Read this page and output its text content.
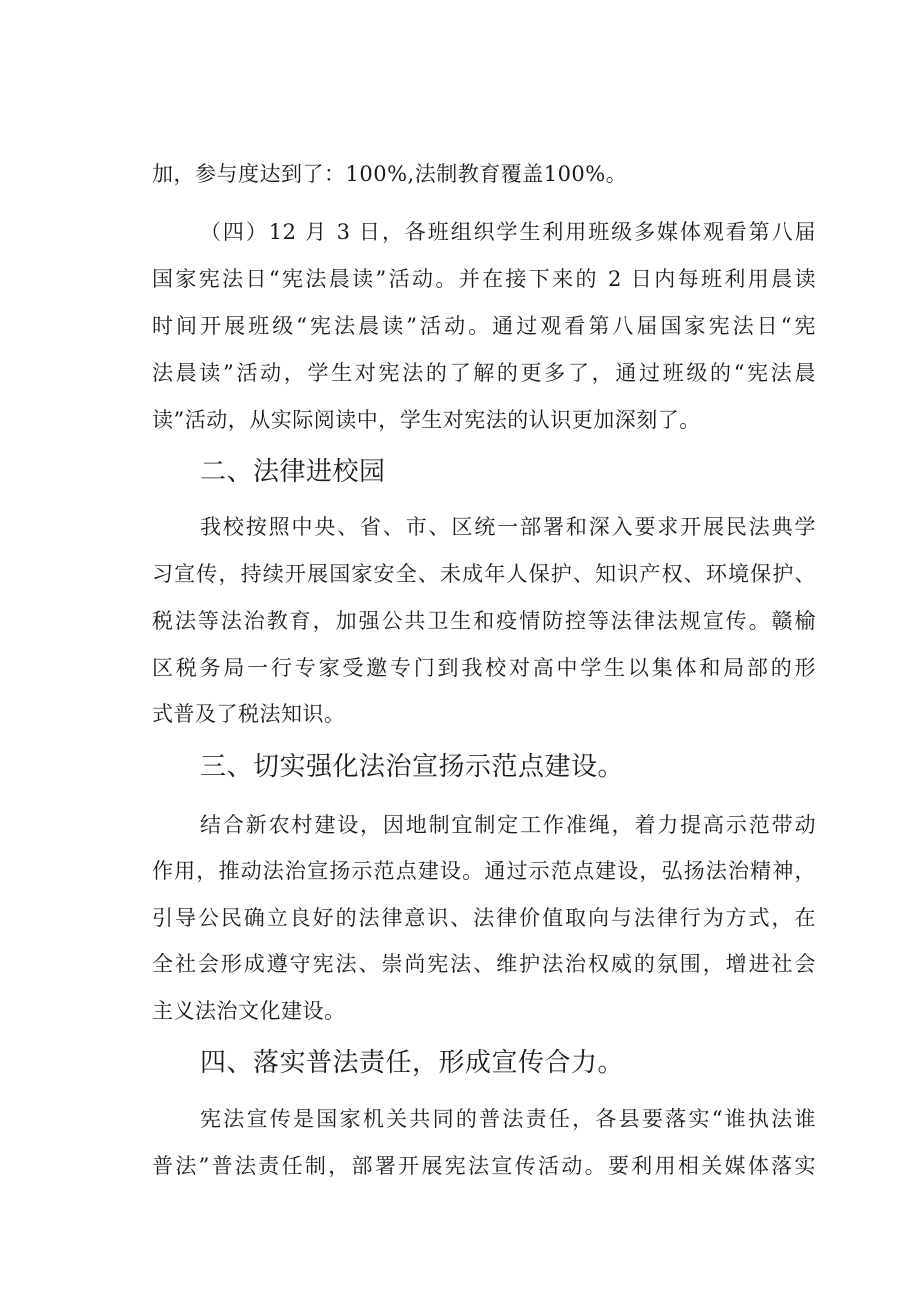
加，参与度达到了：100%,法制教育覆盖100%。
（四）12 月 3 日，各班组织学生利用班级多媒体观看第八届
国家宪法日“宪法晨读”活动。并在接下来的 2 日内每班利用晨读
时间开展班级“宪法晨读”活动。通过观看第八届国家宪法日“宪
法晨读”活动，学生对宪法的了解的更多了，通过班级的“宪法晨
读”活动，从实际阅读中，学生对宪法的认识更加深刻了。
二、法律进校园
我校按照中央、省、市、区统一部署和深入要求开展民法典学
习宣传，持续开展国家安全、未成年人保护、知识产权、环境保护、
税法等法治教育，加强公共卫生和疫情防控等法律法规宣传。赣榆
区税务局一行专家受邀专门到我校对高中学生以集体和局部的形
式普及了税法知识。
三、切实强化法治宣扬示范点建设。
结合新农村建设，因地制宜制定工作准绳，着力提高示范带动
作用，推动法治宣扬示范点建设。通过示范点建设，弘扬法治精神，
引导公民确立良好的法律意识、法律价值取向与法律行为方式，在
全社会形成遵守宪法、崇尚宪法、维护法治权威的氛围，增进社会
主义法治文化建设。
四、落实普法责任，形成宣传合力。
宪法宣传是国家机关共同的普法责任，各县要落实“谁执法谁
普法”普法责任制，部署开展宪法宣传活动。要利用相关媒体落实
